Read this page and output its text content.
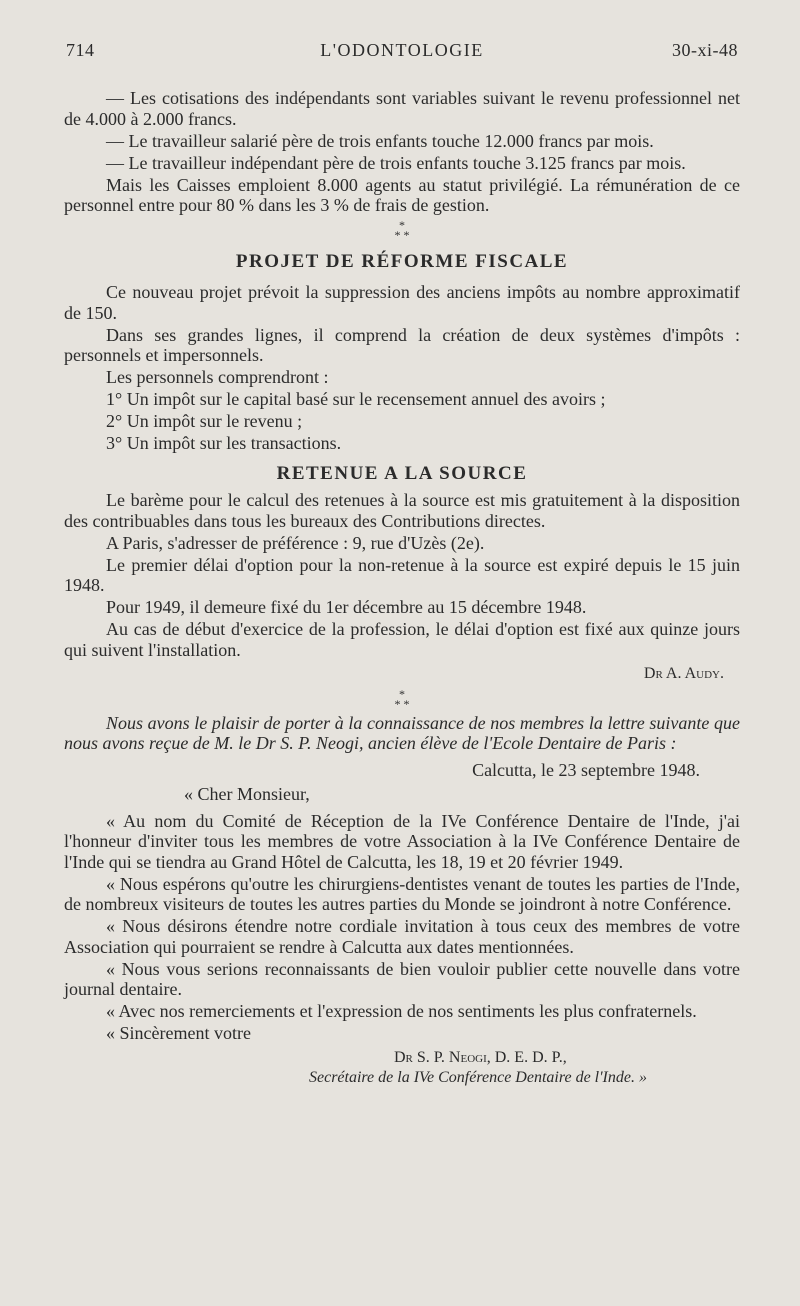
714	L'ODONTOLOGIE	30-xi-48

— Les cotisations des indépendants sont variables suivant le revenu professionnel net de 4.000 à 2.000 francs.

— Le travailleur salarié père de trois enfants touche 12.000 francs par mois.

— Le travailleur indépendant père de trois enfants touche 3.125 francs par mois.

Mais les Caisses emploient 8.000 agents au statut privilégié. La rémunération de ce personnel entre pour 80 % dans les 3 % de frais de gestion.

*
* *
PROJET DE RÉFORME FISCALE

Ce nouveau projet prévoit la suppression des anciens impôts au nombre approximatif de 150.

Dans ses grandes lignes, il comprend la création de deux systèmes d'impôts : personnels et impersonnels.

Les personnels comprendront :

1° Un impôt sur le capital basé sur le recensement annuel des avoirs ;

2° Un impôt sur le revenu ;

3° Un impôt sur les transactions.

RETENUE A LA SOURCE

Le barème pour le calcul des retenues à la source est mis gratuitement à la disposition des contribuables dans tous les bureaux des Contributions directes.

A Paris, s'adresser de préférence : 9, rue d'Uzès (2e).

Le premier délai d'option pour la non-retenue à la source est expiré depuis le 15 juin 1948.

Pour 1949, il demeure fixé du 1er décembre au 15 décembre 1948.

Au cas de début d'exercice de la profession, le délai d'option est fixé aux quinze jours qui suivent l'installation.

Dr A. Audy.
*
* *

Nous avons le plaisir de porter à la connaissance de nos membres la lettre suivante que nous avons reçue de M. le Dr S. P. Neogi, ancien élève de l'Ecole Dentaire de Paris :

Calcutta, le 23 septembre 1948.
« Cher Monsieur,

« Au nom du Comité de Réception de la IVe Conférence Dentaire de l'Inde, j'ai l'honneur d'inviter tous les membres de votre Association à la IVe Conférence Dentaire de l'Inde qui se tiendra au Grand Hôtel de Calcutta, les 18, 19 et 20 février 1949.

« Nous espérons qu'outre les chirurgiens-dentistes venant de toutes les parties de l'Inde, de nombreux visiteurs de toutes les autres parties du Monde se joindront à notre Conférence.

« Nous désirons étendre notre cordiale invitation à tous ceux des membres de votre Association qui pourraient se rendre à Calcutta aux dates mentionnées.

« Nous vous serions reconnaissants de bien vouloir publier cette nouvelle dans votre journal dentaire.

« Avec nos remerciements et l'expression de nos sentiments les plus confraternels.

« Sincèrement votre

Dr S. P. Neogi, D. E. D. P.,
Secrétaire de la IVe Conférence Dentaire de l'Inde. »
